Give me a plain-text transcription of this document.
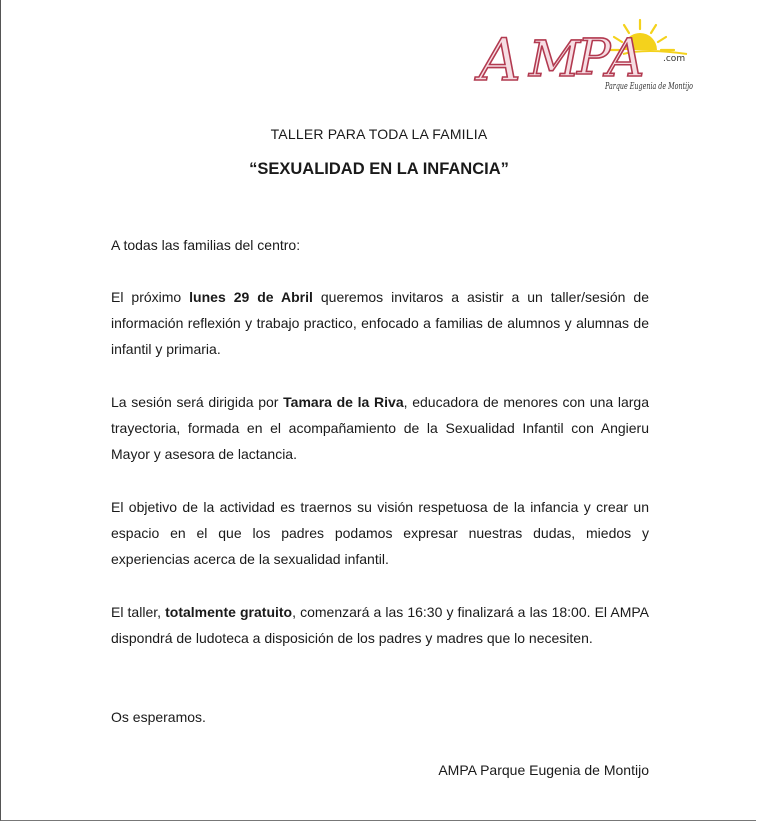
A M
P
A .com
Parque Eugenia de Montijo
TALLER PARA TODA LA FAMILIA
“SEXUALIDAD EN LA INFANCIA”

A todas las familias del centro:

El próximo lunes 29 de Abril queremos invitaros a asistir a un taller/sesión de información reflexión y trabajo practico, enfocado a familias de alumnos y alumnas de infantil y primaria.

La sesión será dirigida por Tamara de la Riva, educadora de menores con una larga trayectoria, formada en el acompañamiento de la Sexualidad Infantil con Angieru Mayor y asesora de lactancia.

El objetivo de la actividad es traernos su visión respetuosa de la infancia y crear un espacio en el que los padres podamos expresar nuestras dudas, miedos y experiencias acerca de la sexualidad infantil.

El taller, totalmente gratuito, comenzará a las 16:30 y finalizará a las 18:00. El AMPA dispondrá de ludoteca a disposición de los padres y madres que lo necesiten.

Os esperamos.

AMPA Parque Eugenia de Montijo
